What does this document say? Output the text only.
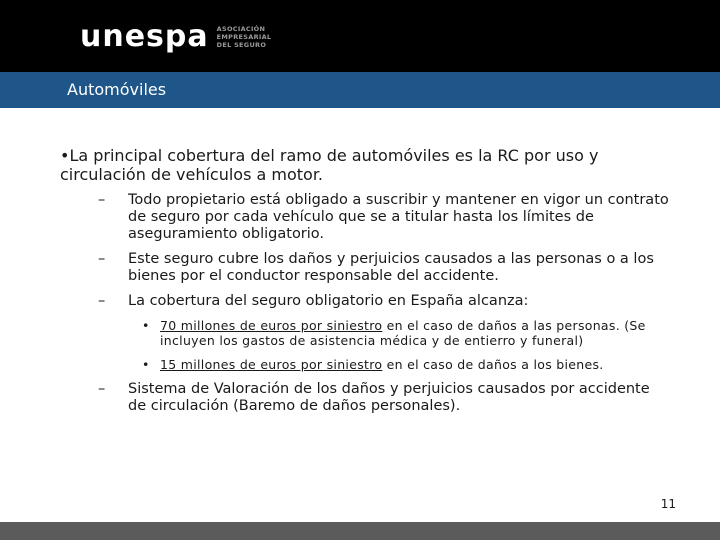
unespa ASOCIACIÓN
EMPRESARIAL
DEL SEGURO
Automóviles

•La principal cobertura del ramo de automóviles es la RC por uso y circulación de vehículos a motor.

– Todo propietario está obligado a suscribir y mantener en vigor un contrato de seguro por cada vehículo que se a titular hasta los límites de aseguramiento obligatorio.

– Este seguro cubre los daños y perjuicios causados a las personas o a los bienes por el conductor responsable del accidente.

– La cobertura del seguro obligatorio en España alcanza:

• 70 millones de euros por siniestro en el caso de daños a las personas. (Se incluyen los gastos de asistencia médica y de entierro y funeral)

• 15 millones de euros por siniestro en el caso de daños a los bienes.

– Sistema de Valoración de los daños y perjuicios causados por accidente de circulación (Baremo de daños personales).

11
